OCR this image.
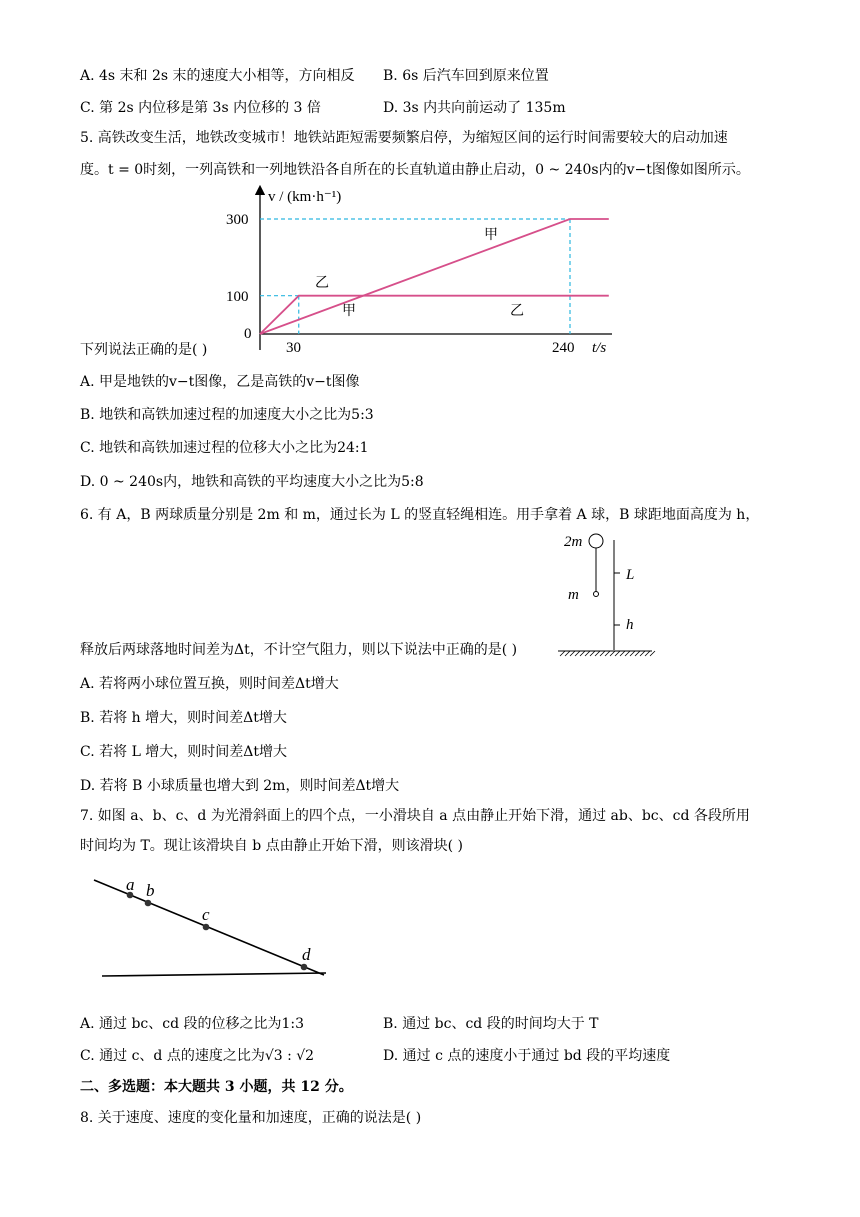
A. 4s 末和 2s 末的速度大小相等，方向相反 B. 6s 后汽车回到原来位置
C. 第 2s 内位移是第 3s 内位移的 3 倍	D. 3s 内共向前运动了 135m
5. 高铁改变生活，地铁改变城市！地铁站距短需要频繁启停，为缩短区间的运行时间需要较大的启动加速
度。t = 0时刻，一列高铁和一列地铁沿各自所在的长直轨道由静止启动，0 ~ 240s内的v−t图像如图所示。
300
100
0
30	240 t/s
v / (km·h⁻¹)
甲
乙
甲	乙
下列说法正确的是( )
A. 甲是地铁的v−t图像，乙是高铁的v−t图像
B. 地铁和高铁加速过程的加速度大小之比为5:3
C. 地铁和高铁加速过程的位移大小之比为24:1
D. 0 ~ 240s内，地铁和高铁的平均速度大小之比为5:8
6. 有 A，B 两球质量分别是 2m 和 m，通过长为 L 的竖直轻绳相连。用手拿着 A 球，B 球距地面高度为 h，
2m
m
L
h
释放后两球落地时间差为Δt，不计空气阻力，则以下说法中正确的是( )
A. 若将两小球位置互换，则时间差Δt增大
B. 若将 h 增大，则时间差Δt增大
C. 若将 L 增大，则时间差Δt增大
D. 若将 B 小球质量也增大到 2m，则时间差Δt增大
7. 如图 a、b、c、d 为光滑斜面上的四个点，一小滑块自 a 点由静止开始下滑，通过 ab、bc、cd 各段所用
时间均为 T。现让该滑块自 b 点由静止开始下滑，则该滑块( )
a b
c
d
A. 通过 bc、cd 段的位移之比为1:3	B. 通过 bc、cd 段的时间均大于 T
C. 通过 c、d 点的速度之比为√3 : √2	D. 通过 c 点的速度小于通过 bd 段的平均速度
二、多选题：本大题共 3 小题，共 12 分。
8. 关于速度、速度的变化量和加速度，正确的说法是( )
